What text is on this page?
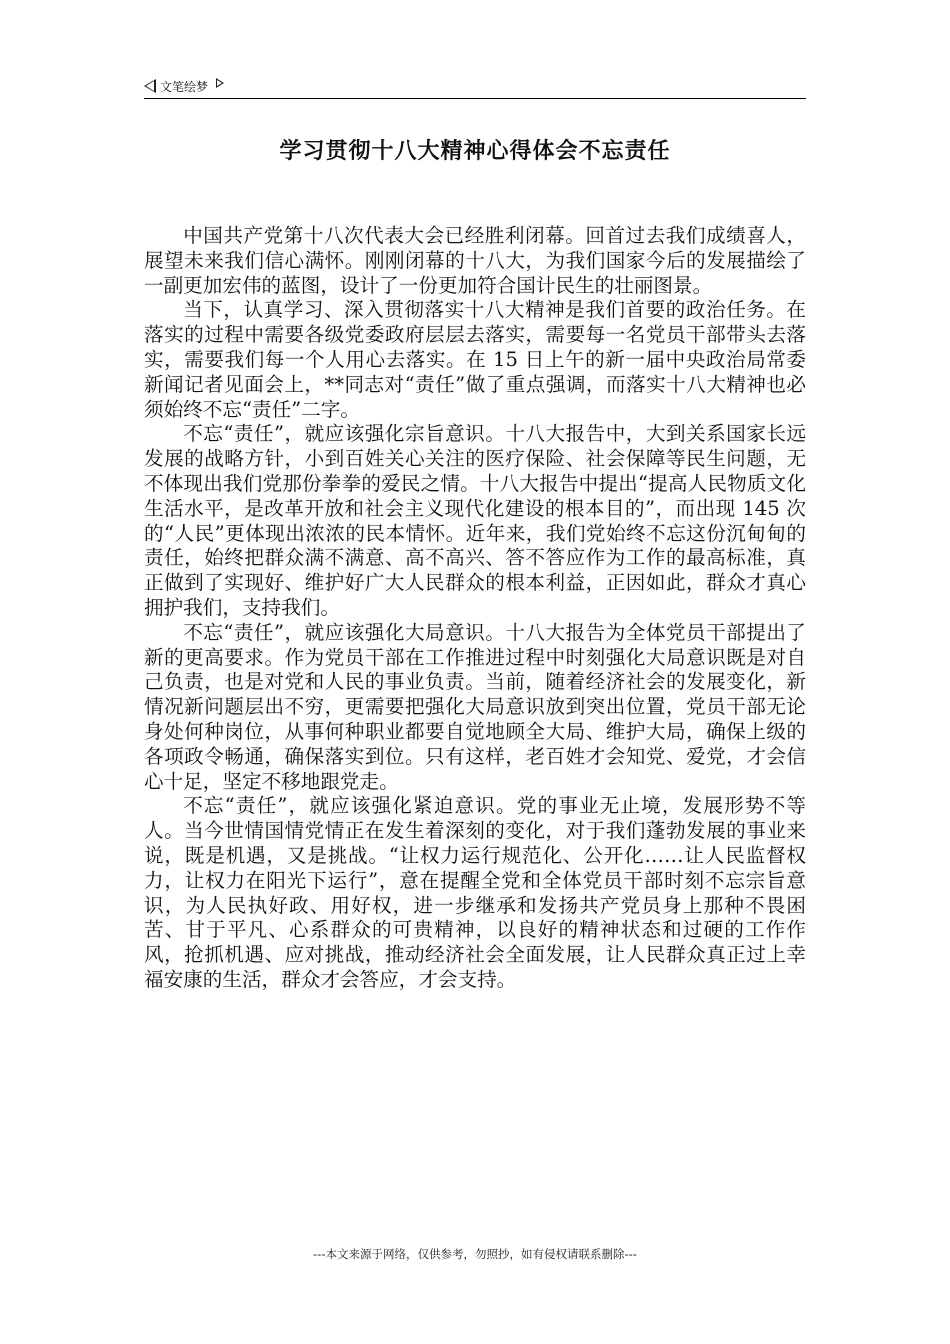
文笔绘梦
学习贯彻十八大精神心得体会不忘责任

中国共产党第十八次代表大会已经胜利闭幕。回首过去我们成绩喜人，展望未来我们信心满怀。刚刚闭幕的十八大，为我们国家今后的发展描绘了一副更加宏伟的蓝图，设计了一份更加符合国计民生的壮丽图景。

当下，认真学习、深入贯彻落实十八大精神是我们首要的政治任务。在落实的过程中需要各级党委政府层层去落实，需要每一名党员干部带头去落实，需要我们每一个人用心去落实。在 15 日上午的新一届中央政治局常委新闻记者见面会上，**同志对“责任”做了重点强调，而落实十八大精神也必须始终不忘“责任”二字。

不忘“责任”，就应该强化宗旨意识。十八大报告中，大到关系国家长远发展的战略方针，小到百姓关心关注的医疗保险、社会保障等民生问题，无不体现出我们党那份拳拳的爱民之情。十八大报告中提出“提高人民物质文化生活水平，是改革开放和社会主义现代化建设的根本目的”，而出现 145 次的“人民”更体现出浓浓的民本情怀。近年来，我们党始终不忘这份沉甸甸的责任，始终把群众满不满意、高不高兴、答不答应作为工作的最高标准，真正做到了实现好、维护好广大人民群众的根本利益，正因如此，群众才真心拥护我们，支持我们。

不忘“责任”，就应该强化大局意识。十八大报告为全体党员干部提出了新的更高要求。作为党员干部在工作推进过程中时刻强化大局意识既是对自己负责，也是对党和人民的事业负责。当前，随着经济社会的发展变化，新情况新问题层出不穷，更需要把强化大局意识放到突出位置，党员干部无论身处何种岗位，从事何种职业都要自觉地顾全大局、维护大局，确保上级的各项政令畅通，确保落实到位。只有这样，老百姓才会知党、爱党，才会信心十足，坚定不移地跟党走。

不忘“责任”，就应该强化紧迫意识。党的事业无止境，发展形势不等人。当今世情国情党情正在发生着深刻的变化，对于我们蓬勃发展的事业来说，既是机遇，又是挑战。“让权力运行规范化、公开化……让人民监督权力，让权力在阳光下运行”，意在提醒全党和全体党员干部时刻不忘宗旨意识，为人民执好政、用好权，进一步继承和发扬共产党员身上那种不畏困苦、甘于平凡、心系群众的可贵精神，以良好的精神状态和过硬的工作作风，抢抓机遇、应对挑战，推动经济社会全面发展，让人民群众真正过上幸福安康的生活，群众才会答应，才会支持。

---本文来源于网络，仅供参考，勿照抄，如有侵权请联系删除---
